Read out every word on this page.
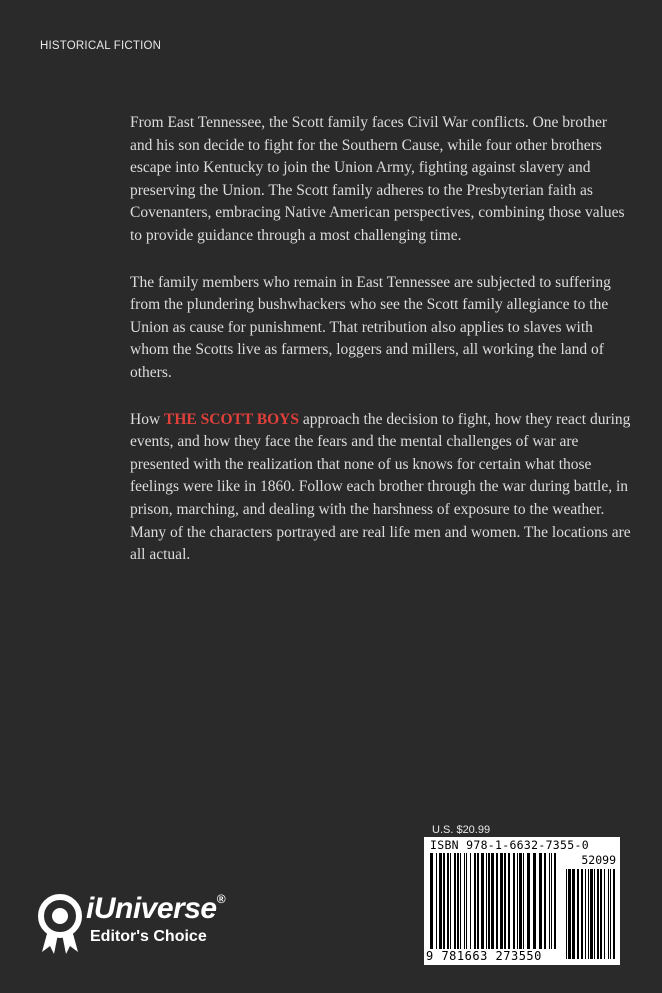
HISTORICAL FICTION

From East Tennessee, the Scott family faces Civil War conflicts. One brother and his son decide to fight for the Southern Cause, while four other brothers escape into Kentucky to join the Union Army, fighting against slavery and preserving the Union. The Scott family adheres to the Presbyterian faith as Covenanters, embracing Native American perspectives, combining those values to provide guidance through a most challenging time.

The family members who remain in East Tennessee are subjected to suffering from the plundering bushwhackers who see the Scott family allegiance to the Union as cause for punishment. That retribution also applies to slaves with whom the Scotts live as farmers, loggers and millers, all working the land of others.

How THE SCOTT BOYS approach the decision to fight, how they react during events, and how they face the fears and the mental challenges of war are presented with the realization that none of us knows for certain what those feelings were like in 1860. Follow each brother through the war during battle, in prison, marching, and dealing with the harshness of exposure to the weather. Many of the characters portrayed are real life men and women. The locations are all actual.

U.S. $20.99
ISBN 978-1-6632-7355-0
52099
9 781663 273550
iUniverse®
Editor's Choice
